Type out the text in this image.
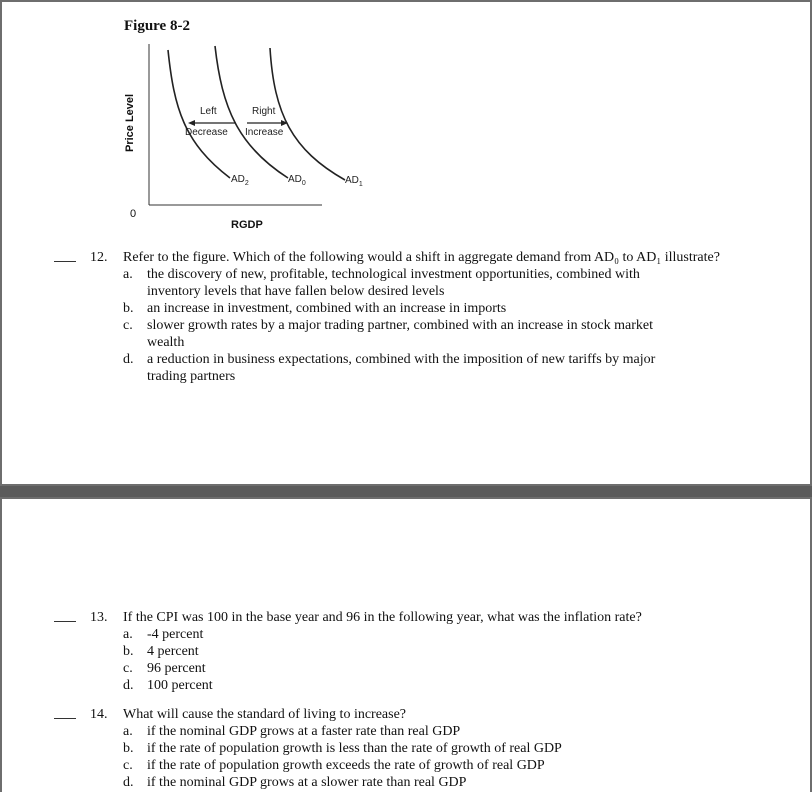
Figure 8-2
Left
Decrease
Right
Increase
$AD_2$	$AD_0$	$AD_1$
Price Level
0
RGDP
12. Refer to the figure. Which of the following would a shift in aggregate demand from AD₀ to AD₁ illustrate?
a. the discovery of new, profitable, technological investment opportunities, combined with
inventory levels that have fallen below desired levels
b. an increase in investment, combined with an increase in imports
c. slower growth rates by a major trading partner, combined with an increase in stock market
wealth
d. a reduction in business expectations, combined with the imposition of new tariffs by major
trading partners
13. If the CPI was 100 in the base year and 96 in the following year, what was the inflation rate?
a. -4 percent
b. 4 percent
c. 96 percent
d. 100 percent
14. What will cause the standard of living to increase?
a. if the nominal GDP grows at a faster rate than real GDP
b. if the rate of population growth is less than the rate of growth of real GDP
c. if the rate of population growth exceeds the rate of growth of real GDP
d. if the nominal GDP grows at a slower rate than real GDP
